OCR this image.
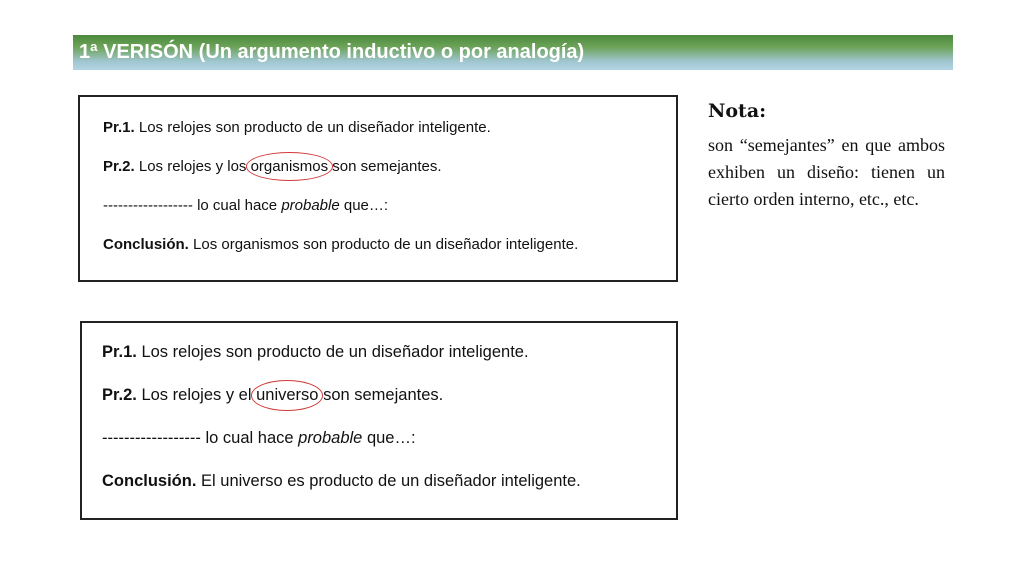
1ª VERISÓN (Un argumento inductivo o por analogía)
Pr.1. Los relojes son producto de un diseñador inteligente.
Pr.2. Los relojes y los organismos
son semejantes.
------------------ lo cual hace probable que…:
Conclusión. Los organismos son producto de un diseñador inteligente.
Pr.1. Los relojes son producto de un diseñador inteligente.
Pr.2. Los relojes y el universo
son semejantes.
------------------ lo cual hace probable que…:
Conclusión. El universo es producto de un diseñador inteligente.

Nota:

son “semejantes” en que ambos exhiben un diseño: tienen un cierto orden interno, etc., etc.
